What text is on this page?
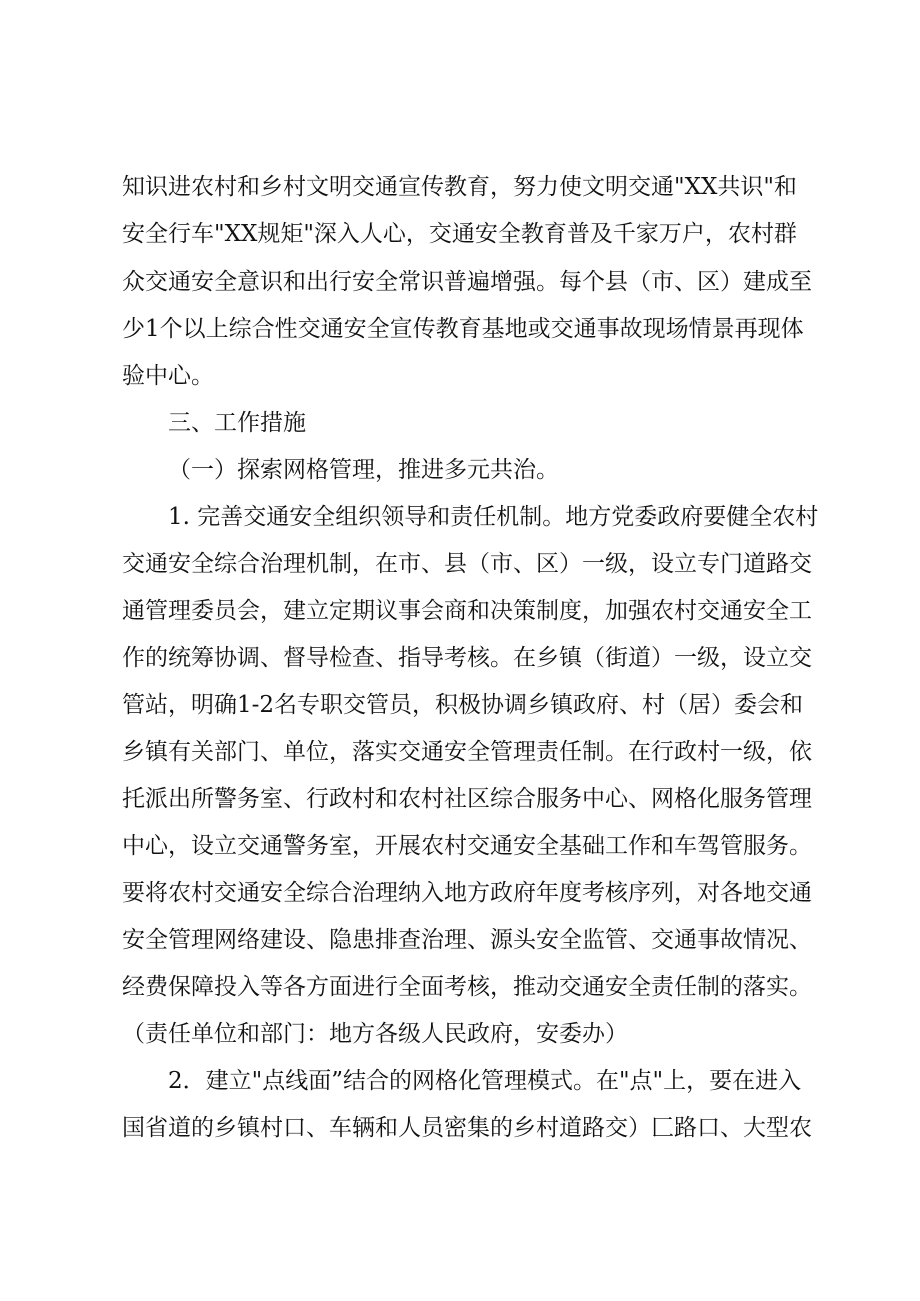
知识进农村和乡村文明交通宣传教育，努力使文明交通"XX共识"和
安全行车"XX规矩"深入人心，交通安全教育普及千家万户，农村群
众交通安全意识和出行安全常识普遍增强。每个县（市、区）建成至
少1个以上综合性交通安全宣传教育基地或交通事故现场情景再现体
验中心。
三、工作措施
（一）探索网格管理，推进多元共治。
1. 完善交通安全组织领导和责任机制。地方党委政府要健全农村
交通安全综合治理机制，在市、县（市、区）一级，设立专门道路交
通管理委员会，建立定期议事会商和决策制度，加强农村交通安全工
作的统筹协调、督导检查、指导考核。在乡镇（街道）一级，设立交
管站，明确1-2名专职交管员，积极协调乡镇政府、村（居）委会和
乡镇有关部门、单位，落实交通安全管理责任制。在行政村一级，依
托派出所警务室、行政村和农村社区综合服务中心、网格化服务管理
中心，设立交通警务室，开展农村交通安全基础工作和车驾管服务。
要将农村交通安全综合治理纳入地方政府年度考核序列，对各地交通
安全管理网络建设、隐患排查治理、源头安全监管、交通事故情况、
经费保障投入等各方面进行全面考核，推动交通安全责任制的落实。
（责任单位和部门：地方各级人民政府，安委办）
2．建立"点线面”结合的网格化管理模式。在"点"上，要在进入
国省道的乡镇村口、车辆和人员密集的乡村道路交）匚路口、大型农
